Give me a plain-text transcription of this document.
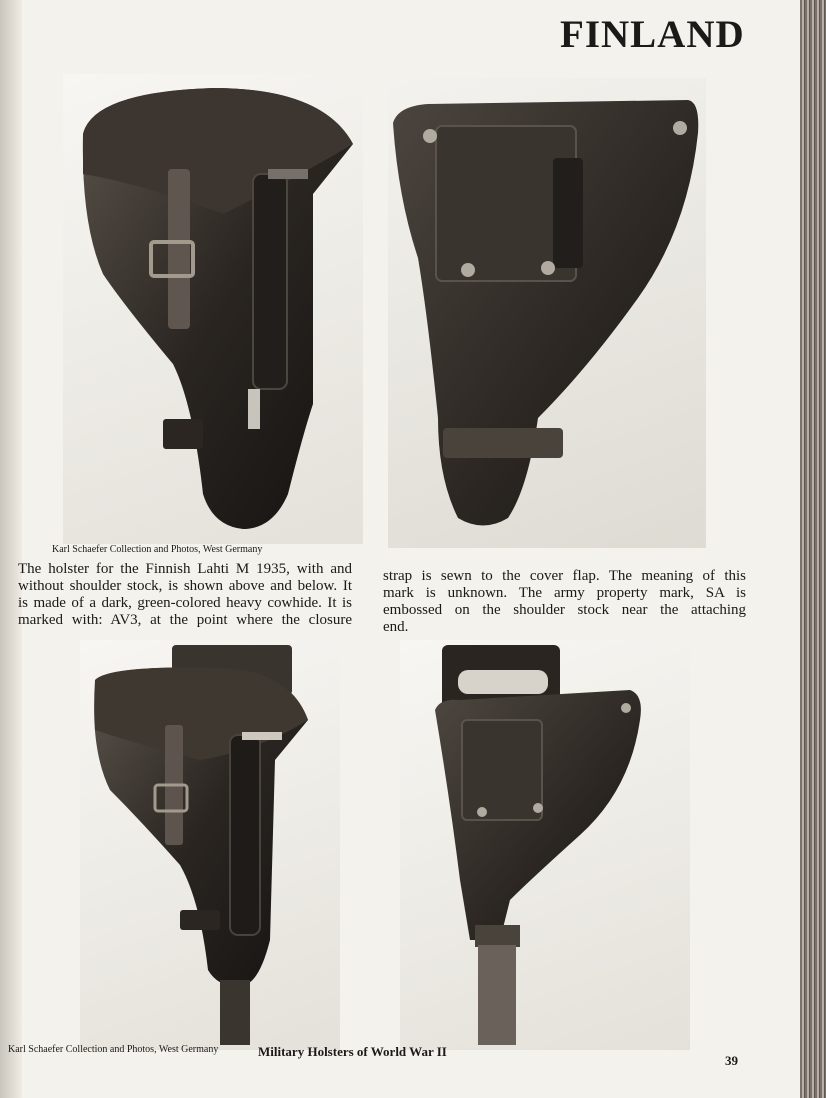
FINLAND
Karl Schaefer Collection and Photos, West Germany
The holster for the Finnish Lahti M 1935, with and
without shoulder stock, is shown above and below. It
is made of a dark, green-colored heavy cowhide. It is
marked with: AV3, at the point where the closure
strap is sewn to the cover flap. The meaning of this
mark is unknown. The army property mark, SA is
embossed on the shoulder stock near the attaching
end.
Karl Schaefer Collection and Photos, West Germany	Military Holsters of World War II
39
